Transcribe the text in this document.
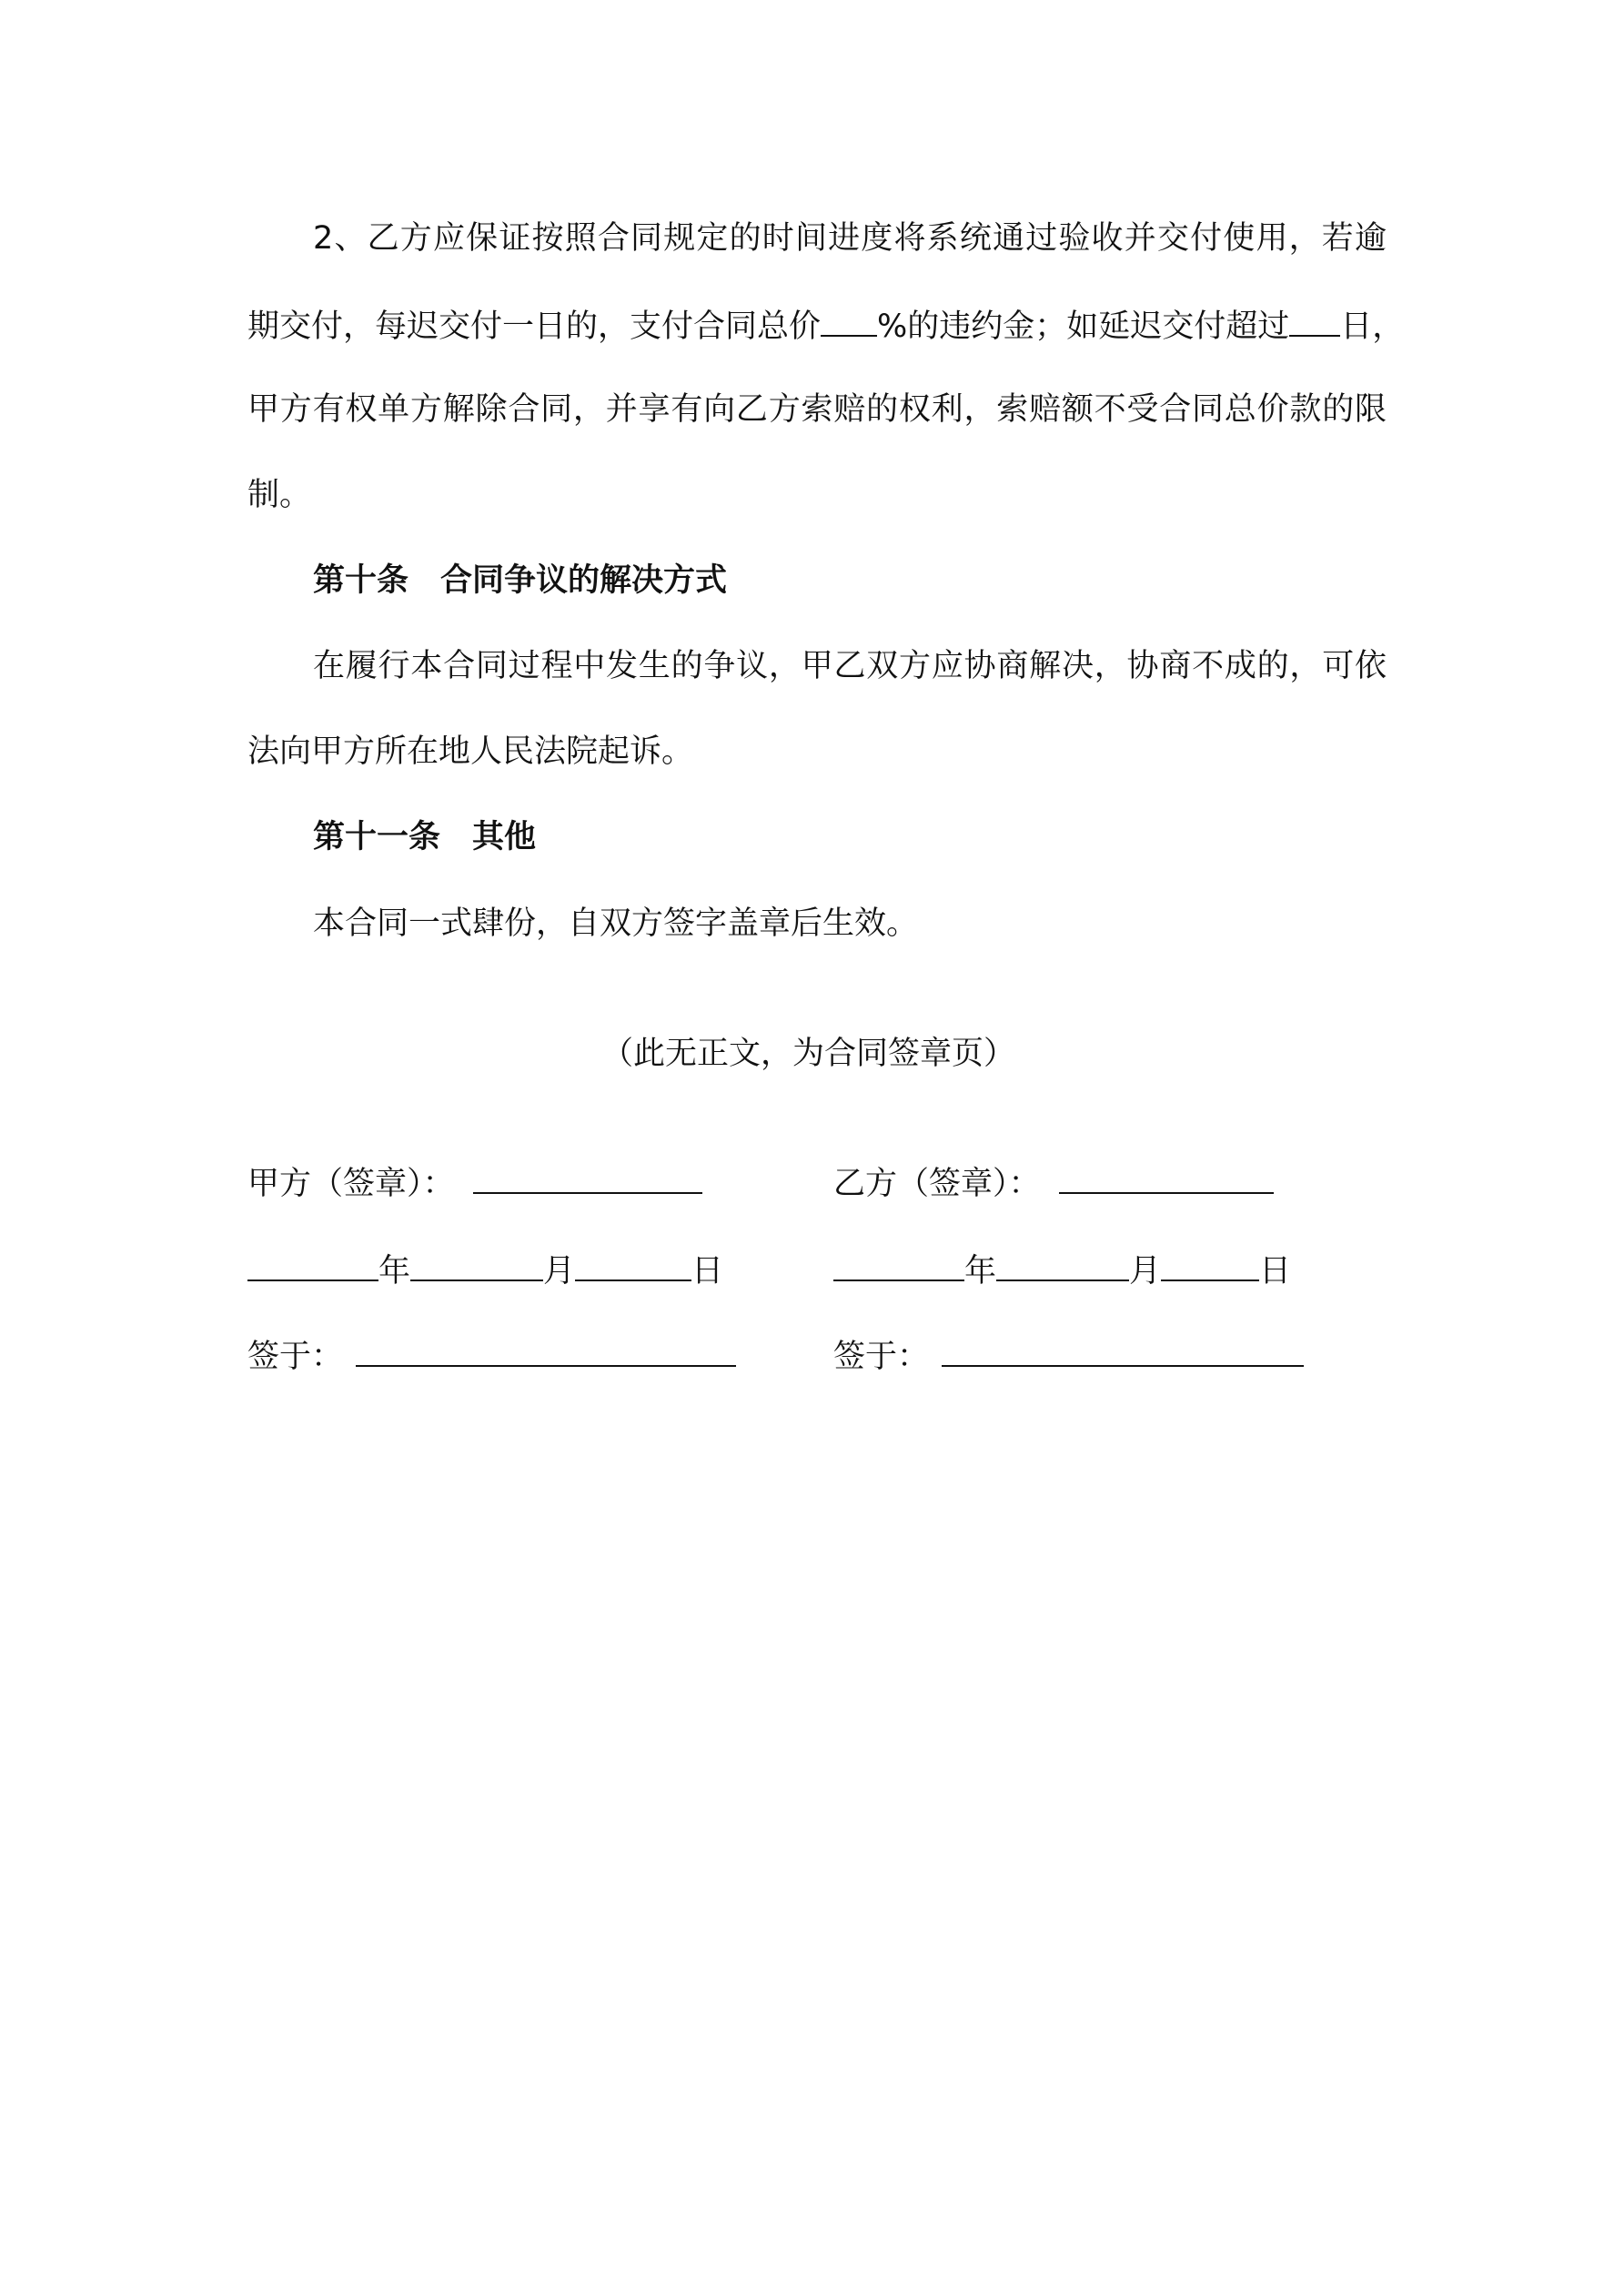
2、乙方应保证按照合同规定的时间进度将系统通过验收并交付使用，若逾
期交付，每迟交付一日的，支付合同总价 %的违约金；如延迟交付超过 日，
甲方有权单方解除合同，并享有向乙方索赔的权利，索赔额不受合同总价款的限
制。
第十条　合同争议的解决方式
在履行本合同过程中发生的争议，甲乙双方应协商解决，协商不成的，可依
法向甲方所在地人民法院起诉。
第十一条　其他
本合同一式肆份，自双方签字盖章后生效。
（此无正文，为合同签章页）
甲方（签章）：	乙方（签章）：
年	月	日	年	月	日
签于：	签于：
